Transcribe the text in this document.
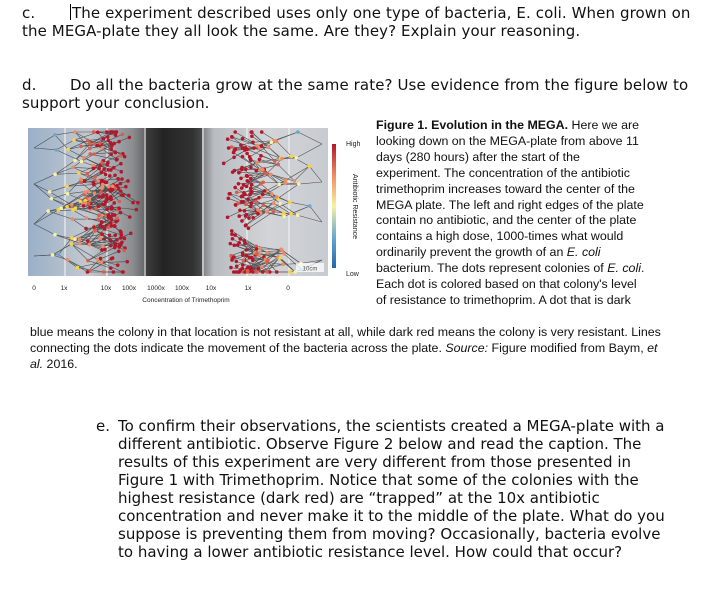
c. The experiment described uses only one type of bacteria, E. coli. When grown on the MEGA-plate they all look the same. Are they? Explain your reasoning.
d. Do all the bacteria grow at the same rate? Use evidence from the figure below to support your conclusion.
10cm
High
Low
Antibiotic Resistance
0	1x	10x 100x 1000x 100x	10x	1x	0
Concentration of Trimethoprim
Figure 1. Evolution in the MEGA. Here we are looking down on the MEGA-plate from above 11 days (280 hours) after the start of the experiment. The concentration of the antibiotic trimethoprim increases toward the center of the MEGA plate. The left and right edges of the plate contain no antibiotic, and the center of the plate contains a high dose, 1000-times what would ordinarily prevent the growth of an E. coli bacterium. The dots represent colonies of E. coli. Each dot is colored based on that colony's level of resistance to trimethoprim. A dot that is dark
blue means the colony in that location is not resistant at all, while dark red means the colony is very resistant. Lines connecting the dots indicate the movement of the bacteria across the plate. Source: Figure modified from Baym, et al. 2016.
e. To confirm their observations, the scientists created a MEGA-plate with a different antibiotic. Observe Figure 2 below and read the caption. The results of this experiment are very different from those presented in Figure 1 with Trimethoprim. Notice that some of the colonies with the highest resistance (dark red) are “trapped” at the 10x antibiotic concentration and never make it to the middle of the plate. What do you suppose is preventing them from moving? Occasionally, bacteria evolve to having a lower antibiotic resistance level. How could that occur?
